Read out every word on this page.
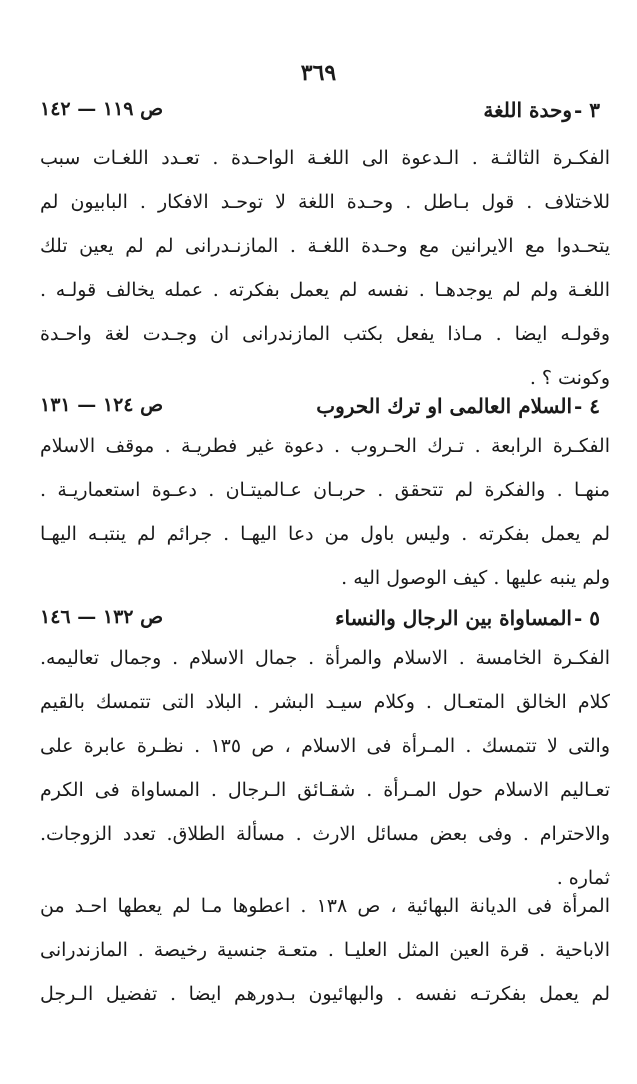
٣٦٩
٣ -
وحدة اللغة
ص ١١٩ — ١٤٢
الفكـرة الثالثـة . الـدعوة الى اللغـة الواحـدة . تعـدد اللغـات سبب
للاختلاف . قول بـاطل . وحـدة اللغة لا توحـد الافكار . البابيون لم
يتحـدوا مع الايرانين مع وحـدة اللغـة . المازنـدرانى لم لم يعين تلك
اللغـة ولم لم يوجدهـا . نفسه لم يعمل بفكرته . عمله يخالف قولـه .
وقولـه ايضا . مـاذا يفعل بكتب المازندرانى ان وجـدت لغة واحـدة
وكونت ؟ .
٤ -
السلام العالمى او ترك الحروب
ص ١٢٤ — ١٣١
الفكـرة الرابعة . تـرك الحـروب . دعوة غير فطريـة . موقف الاسلام
منهـا . والفكرة لم تتحقق . حربـان عـالميتـان . دعـوة استعماريـة .
لم يعمل بفكرته . وليس باول من دعا اليهـا . جرائم لم ينتبـه اليهـا
ولم ينبه عليها . كيف الوصول اليه .
٥ -
المساواة بين الرجال والنساء
ص ١٣٢ — ١٤٦
الفكـرة الخامسة . الاسلام والمرأة . جمال الاسلام . وجمال تعاليمه.
كلام الخالق المتعـال . وكلام سيـد البشر . البلاد التى تتمسك بالقيم
والتى لا تتمسك . المـرأة فى الاسلام ، ص ١٣٥ . نظـرة عابرة على
تعـاليم الاسلام حول المـرأة . شقـائق الـرجال . المساواة فى الكرم
والاحترام . وفى بعض مسائل الارث . مسألة الطلاق. تعدد الزوجات.
ثماره .
المرأة فى الديانة البهائية ، ص ١٣٨ . اعطوها مـا لم يعطها احـد من
الاباحية . قرة العين المثل العليـا . متعـة جنسية رخيصة . المازندرانى
لم يعمل بفكرتـه نفسه . والبهائيون بـدورهم ايضا . تفضيل الـرجل
